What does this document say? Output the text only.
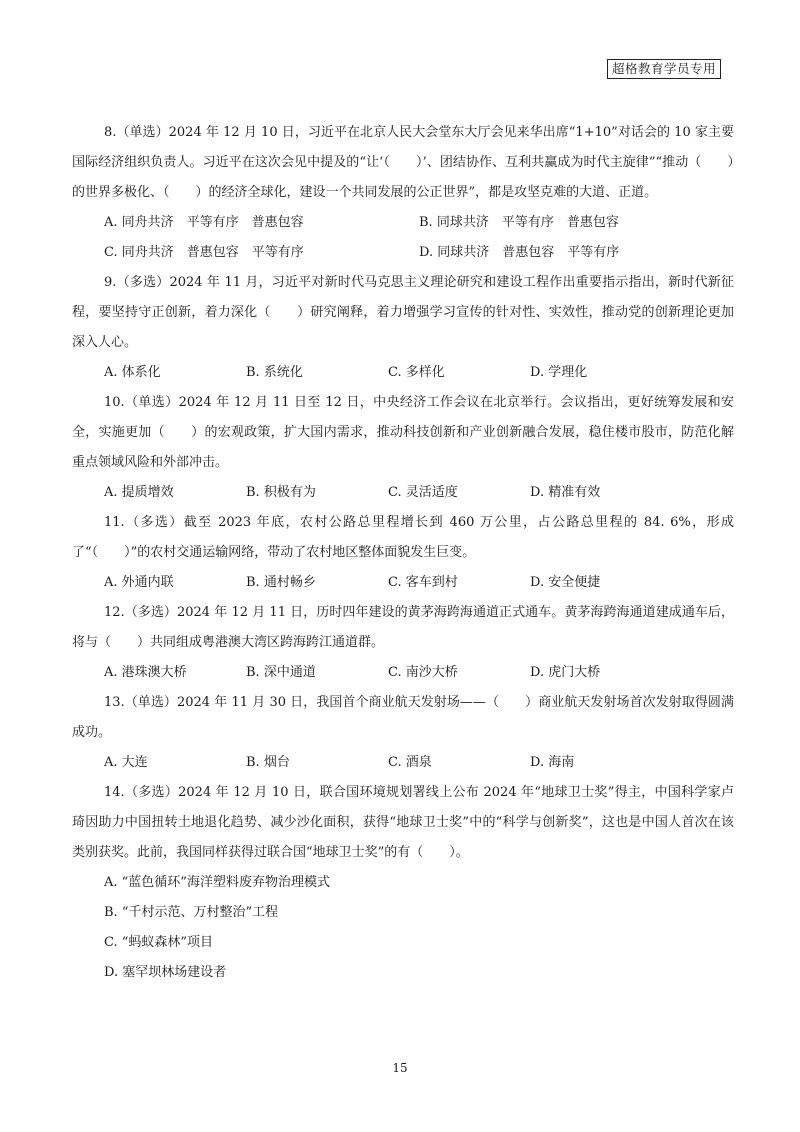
超格教育学员专用

8.（单选）2024 年 12 月 10 日，习近平在北京人民大会堂东大厅会见来华出席“1+10”对话会的 10 家主要国际经济组织负责人。习近平在这次会见中提及的“让‘（　　）’、团结协作、互利共赢成为时代主旋律”“推动（　　）的世界多极化、（　　）的经济全球化，建设一个共同发展的公正世界”，都是攻坚克难的大道、正道。

A. 同舟共济　平等有序　普惠包容	B. 同球共济　平等有序　普惠包容
C. 同舟共济　普惠包容　平等有序	D. 同球共济　普惠包容　平等有序

9.（多选）2024 年 11 月，习近平对新时代马克思主义理论研究和建设工程作出重要指示指出，新时代新征程，要坚持守正创新，着力深化（　　）研究阐释，着力增强学习宣传的针对性、实效性，推动党的创新理论更加深入人心。

A. 体系化	B. 系统化	C. 多样化	D. 学理化

10.（单选）2024 年 12 月 11 日至 12 日，中央经济工作会议在北京举行。会议指出，更好统筹发展和安全，实施更加（　　）的宏观政策，扩大国内需求，推动科技创新和产业创新融合发展，稳住楼市股市，防范化解重点领域风险和外部冲击。

A. 提质增效	B. 积极有为	C. 灵活适度	D. 精准有效

11.（多选）截至 2023 年底，农村公路总里程增长到 460 万公里，占公路总里程的 84. 6%，形成了“（　　）”的农村交通运输网络，带动了农村地区整体面貌发生巨变。

A. 外通内联	B. 通村畅乡	C. 客车到村	D. 安全便捷

12.（多选）2024 年 12 月 11 日，历时四年建设的黄茅海跨海通道正式通车。黄茅海跨海通道建成通车后，将与（　　）共同组成粤港澳大湾区跨海跨江通道群。

A. 港珠澳大桥	B. 深中通道	C. 南沙大桥	D. 虎门大桥

13.（单选）2024 年 11 月 30 日，我国首个商业航天发射场——（　　）商业航天发射场首次发射取得圆满成功。

A. 大连	B. 烟台	C. 酒泉	D. 海南

14.（多选）2024 年 12 月 10 日，联合国环境规划署线上公布 2024 年“地球卫士奖”得主，中国科学家卢琦因助力中国扭转土地退化趋势、减少沙化面积，获得“地球卫士奖”中的“科学与创新奖”，这也是中国人首次在该类别获奖。此前，我国同样获得过联合国“地球卫士奖”的有（　　）。

A. “蓝色循环”海洋塑料废弃物治理模式
B. “千村示范、万村整治”工程
C. “蚂蚁森林”项目
D. 塞罕坝林场建设者
15
